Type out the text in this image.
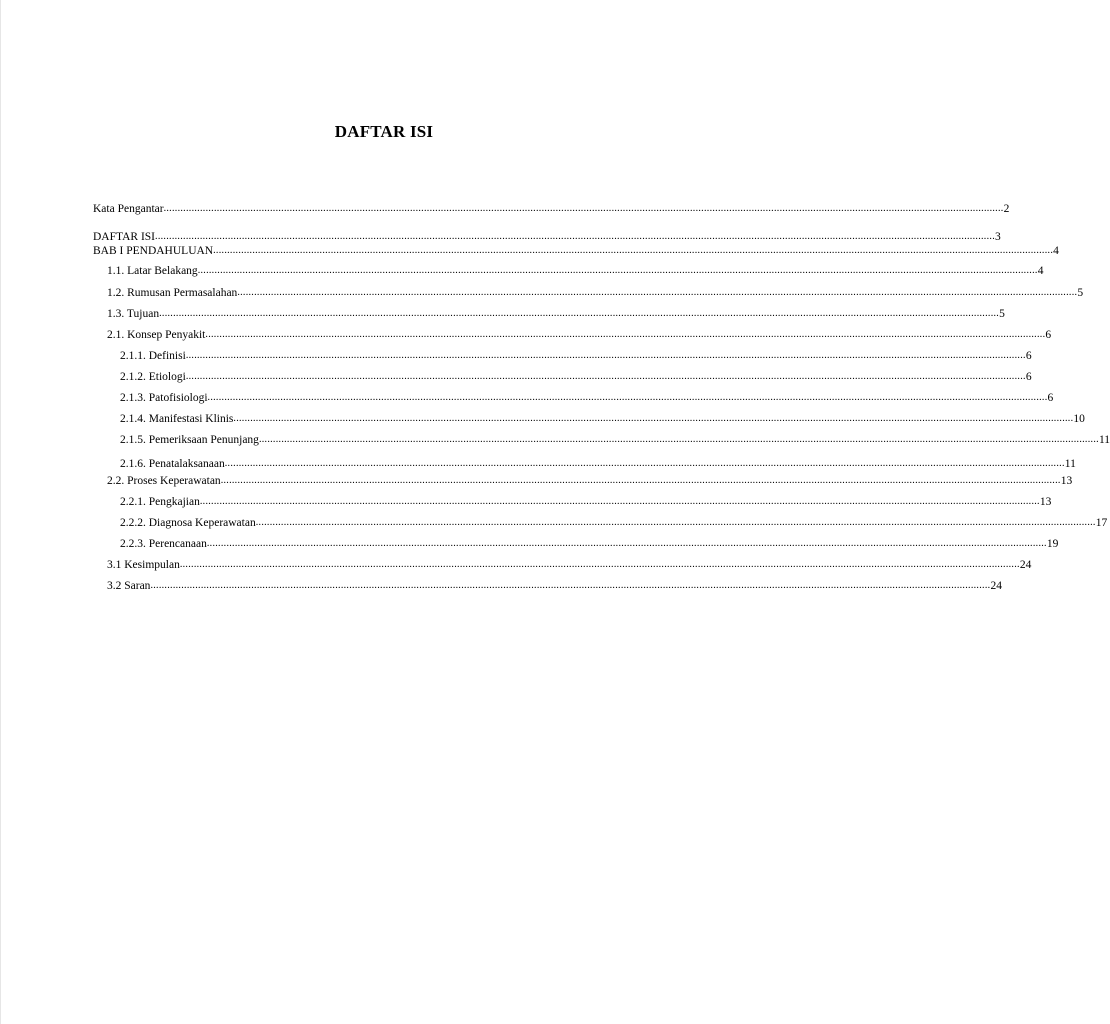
DAFTAR ISI
Kata Pengantar ............................................................................................................................................................................................................................................................................................................ 2
DAFTAR ISI ............................................................................................................................................................................................................................................................................................................ 3
BAB I PENDAHULUAN ............................................................................................................................................................................................................................................................................................................ 4
1.1. Latar Belakang ............................................................................................................................................................................................................................................................................................................ 4
1.2. Rumusan Permasalahan ............................................................................................................................................................................................................................................................................................................ 5
1.3. Tujuan ............................................................................................................................................................................................................................................................................................................ 5
2.1. Konsep Penyakit ............................................................................................................................................................................................................................................................................................................ 6
2.1.1. Definisi ............................................................................................................................................................................................................................................................................................................ 6
2.1.2. Etiologi ............................................................................................................................................................................................................................................................................................................ 6
2.1.3. Patofisiologi ............................................................................................................................................................................................................................................................................................................ 6
2.1.4. Manifestasi Klinis ............................................................................................................................................................................................................................................................................................................ 10
2.1.5. Pemeriksaan Penunjang ............................................................................................................................................................................................................................................................................................................ 11
2.1.6. Penatalaksanaan ............................................................................................................................................................................................................................................................................................................ 11
2.2. Proses Keperawatan ............................................................................................................................................................................................................................................................................................................ 13
2.2.1. Pengkajian ............................................................................................................................................................................................................................................................................................................ 13
2.2.2. Diagnosa Keperawatan ............................................................................................................................................................................................................................................................................................................ 17
2.2.3. Perencanaan ............................................................................................................................................................................................................................................................................................................ 19
3.1 Kesimpulan ............................................................................................................................................................................................................................................................................................................ 24
3.2 Saran ............................................................................................................................................................................................................................................................................................................ 24
